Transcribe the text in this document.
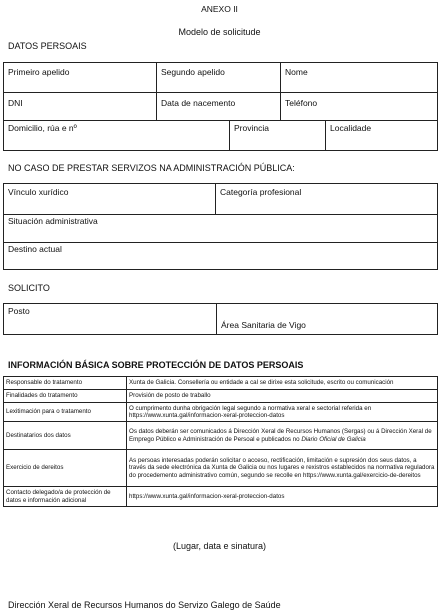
ANEXO II
Modelo de solicitude
DATOS PERSOAIS
Primeiro apelido	Segundo apelido	Nome
DNI	Data de nacemento	Teléfono
Domicilio, rúa e nº	Provincia	Localidade
NO CASO DE PRESTAR SERVIZOS NA ADMINISTRACIÓN PÚBLICA:
Vínculo xurídico	Categoría profesional
Situación administrativa
Destino actual
SOLICITO
Posto
Área Sanitaria de Vigo
INFORMACIÓN BÁSICA SOBRE PROTECCIÓN DE DATOS PERSOAIS
Responsable do tratamento	Xunta de Galicia. Consellería ou entidade a cal se dirixe esta solicitude, escrito ou comunicación
Finalidades do tratamento	Provisión de posto de traballo
Lexitimación para o tratamento	O cumprimento dunha obrigación legal segundo a normativa xeral e sectorial referida en https://www.xunta.gal/informacion-xeral-proteccion-datos
Destinatarios dos datos	Os datos deberán ser comunicados á Dirección Xeral de Recursos Humanos (Sergas) ou á Dirección Xeral de Emprego Público e Administración de Persoal e publicados no Diario Oficial de Galicia
Exercicio de dereitos	As persoas interesadas poderán solicitar o acceso, rectificación, limitación e supresión dos seus datos, a través da sede electrónica da Xunta de Galicia ou nos lugares e rexistros establecidos na normativa reguladora do procedemento administrativo común, segundo se recolle en https://www.xunta.gal/exercicio-de-dereitos
Contacto delegado/a de protección de datos e información adicional	https://www.xunta.gal/informacion-xeral-proteccion-datos
(Lugar, data e sinatura)
Dirección Xeral de Recursos Humanos do Servizo Galego de Saúde
